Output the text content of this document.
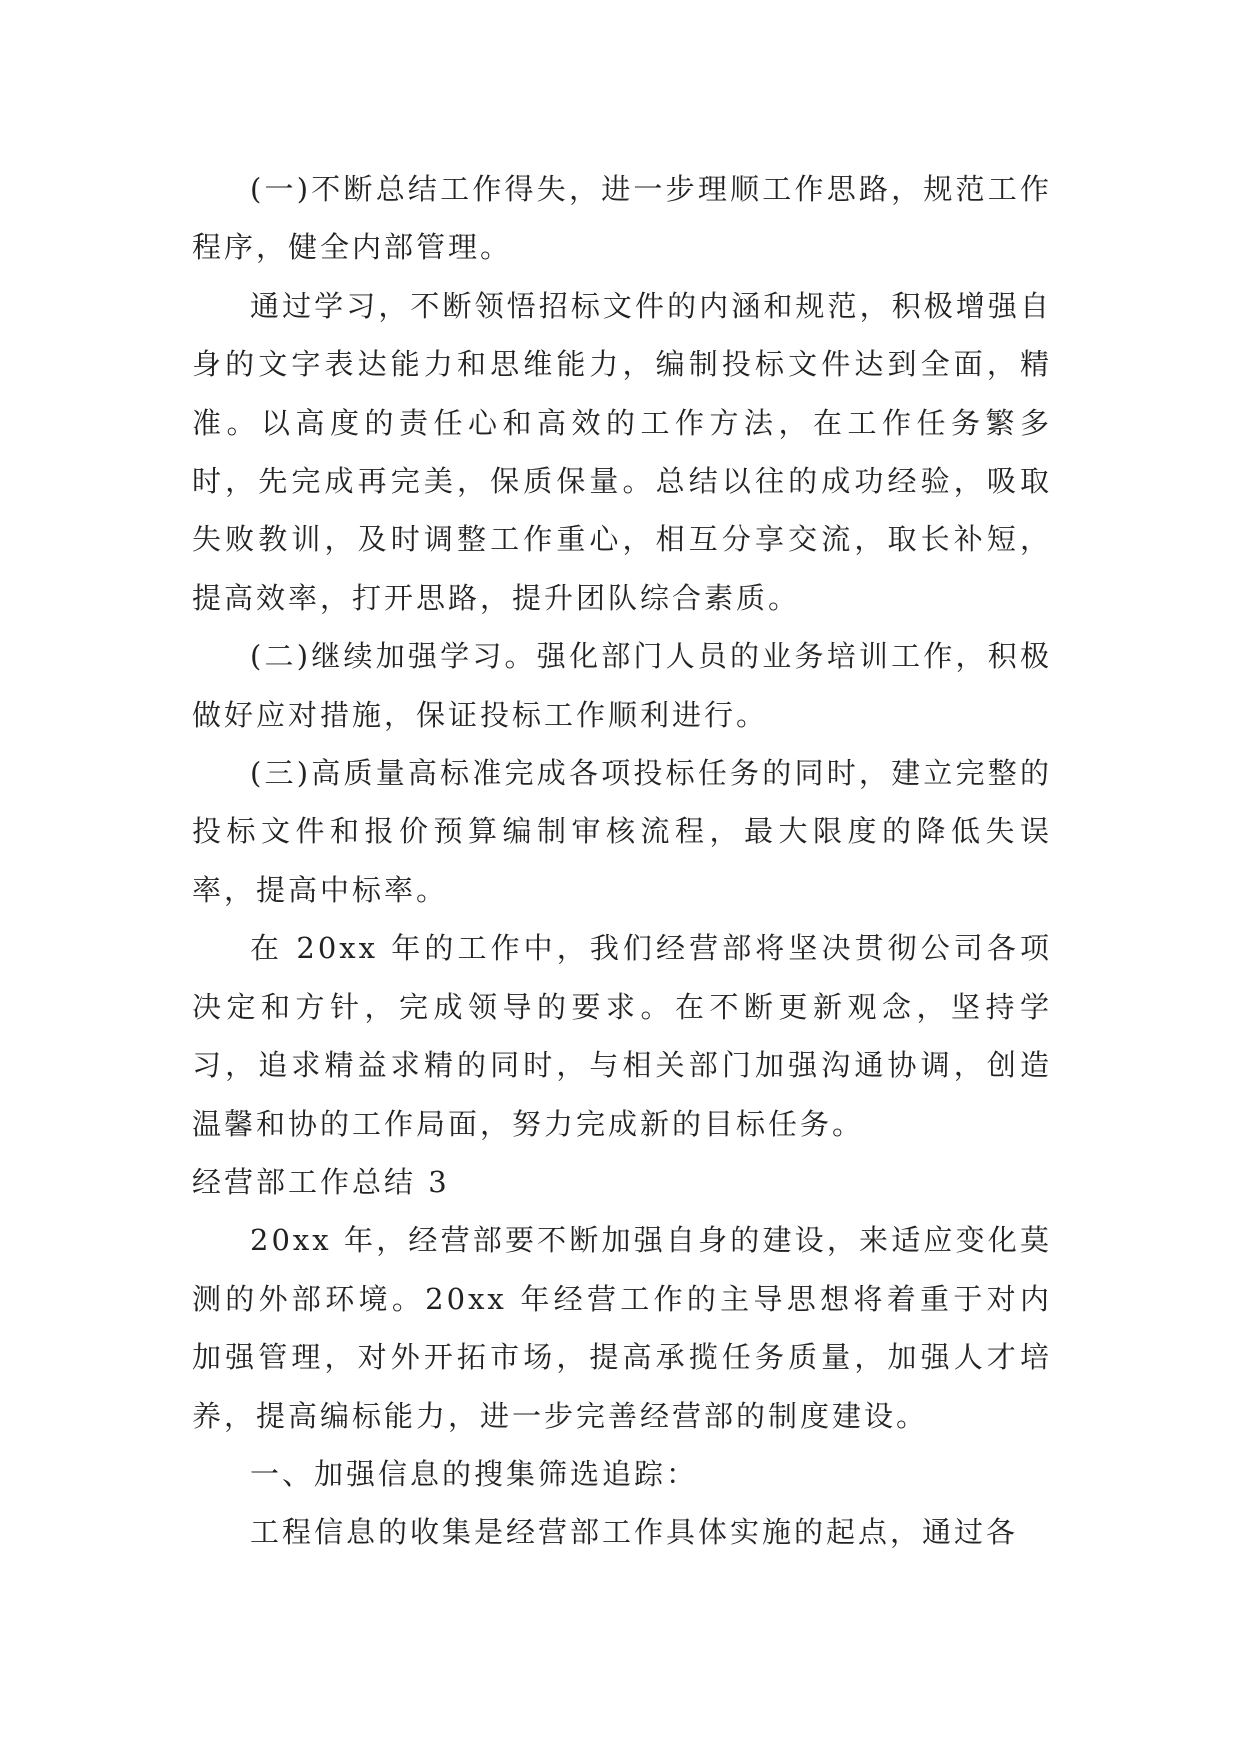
(一)不断总结工作得失，进一步理顺工作思路，规范工作程序，健全内部管理。

通过学习，不断领悟招标文件的内涵和规范，积极增强自身的文字表达能力和思维能力，编制投标文件达到全面，精准。以高度的责任心和高效的工作方法，在工作任务繁多时，先完成再完美，保质保量。总结以往的成功经验，吸取失败教训，及时调整工作重心，相互分享交流，取长补短，提高效率，打开思路，提升团队综合素质。

(二)继续加强学习。强化部门人员的业务培训工作，积极做好应对措施，保证投标工作顺利进行。

(三)高质量高标准完成各项投标任务的同时，建立完整的投标文件和报价预算编制审核流程，最大限度的降低失误率，提高中标率。

在 20xx 年的工作中，我们经营部将坚决贯彻公司各项决定和方针，完成领导的要求。在不断更新观念，坚持学习，追求精益求精的同时，与相关部门加强沟通协调，创造温馨和协的工作局面，努力完成新的目标任务。

经营部工作总结 3

20xx 年，经营部要不断加强自身的建设，来适应变化莫测的外部环境。20xx 年经营工作的主导思想将着重于对内加强管理，对外开拓市场，提高承揽任务质量，加强人才培养，提高编标能力，进一步完善经营部的制度建设。

一、加强信息的搜集筛选追踪：

工程信息的收集是经营部工作具体实施的起点，通过各
